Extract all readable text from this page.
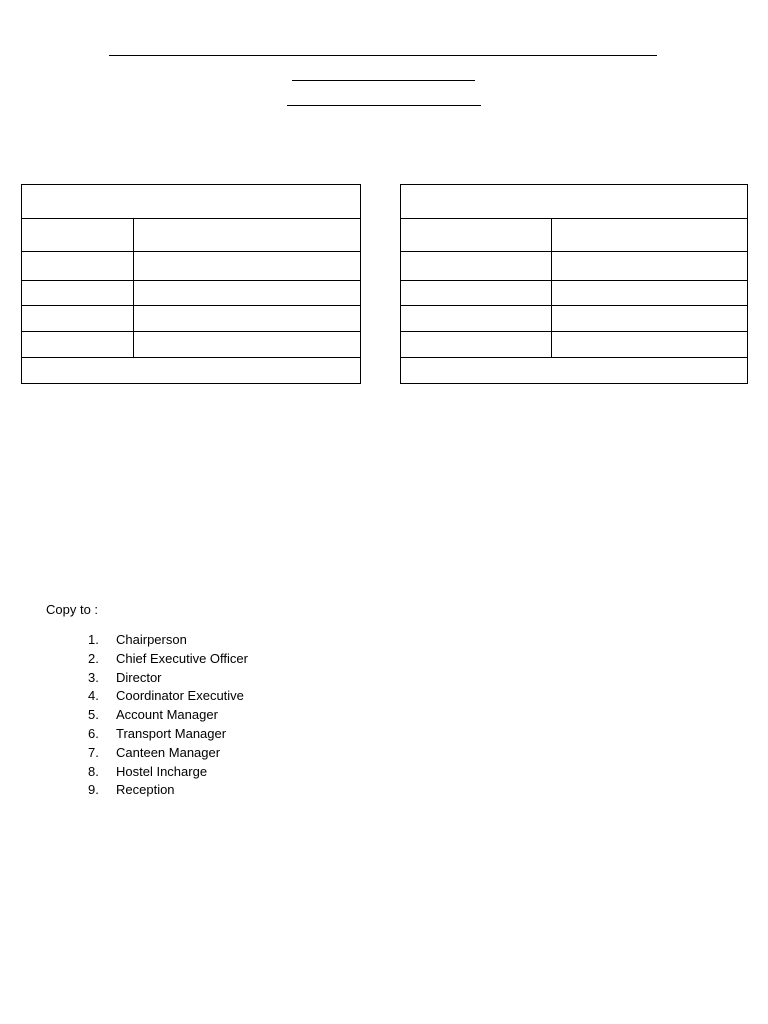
Copy to :
1.	Chairperson
2.	Chief Executive Officer
3.	Director
4.	Coordinator Executive
5.	Account Manager
6.	Transport Manager
7.	Canteen Manager
8.	Hostel Incharge
9.	Reception
